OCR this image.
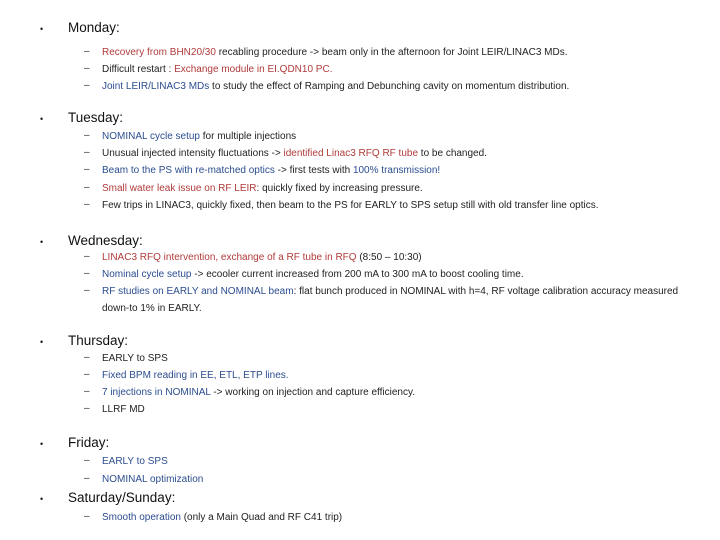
• Monday:
– Recovery from BHN20/30 recabling procedure -> beam only in the afternoon for Joint LEIR/LINAC3 MDs.
– Difficult restart : Exchange module in EI.QDN10 PC.
– Joint LEIR/LINAC3 MDs to study the effect of Ramping and Debunching cavity on momentum distribution.
• Tuesday:
– NOMINAL cycle setup for multiple injections
– Unusual injected intensity fluctuations -> identified Linac3 RFQ RF tube to be changed.
– Beam to the PS with re-matched optics -> first tests with 100% transmission!
– Small water leak issue on RF LEIR: quickly fixed by increasing pressure.
– Few trips in LINAC3, quickly fixed, then beam to the PS for EARLY to SPS setup still with old transfer line optics.
• Wednesday:
– LINAC3 RFQ intervention, exchange of a RF tube in RFQ (8:50 – 10:30)
– Nominal cycle setup -> ecooler current increased from 200 mA to 300 mA to boost cooling time.
– RF studies on EARLY and NOMINAL beam: flat bunch produced in NOMINAL with h=4, RF voltage calibration accuracy measured down-to 1% in EARLY.
• Thursday:
– EARLY to SPS
– Fixed BPM reading in EE, ETL, ETP lines.
– 7 injections in NOMINAL -> working on injection and capture efficiency.
– LLRF MD
• Friday:
– EARLY to SPS
– NOMINAL optimization
• Saturday/Sunday:
– Smooth operation (only a Main Quad and RF C41 trip)
